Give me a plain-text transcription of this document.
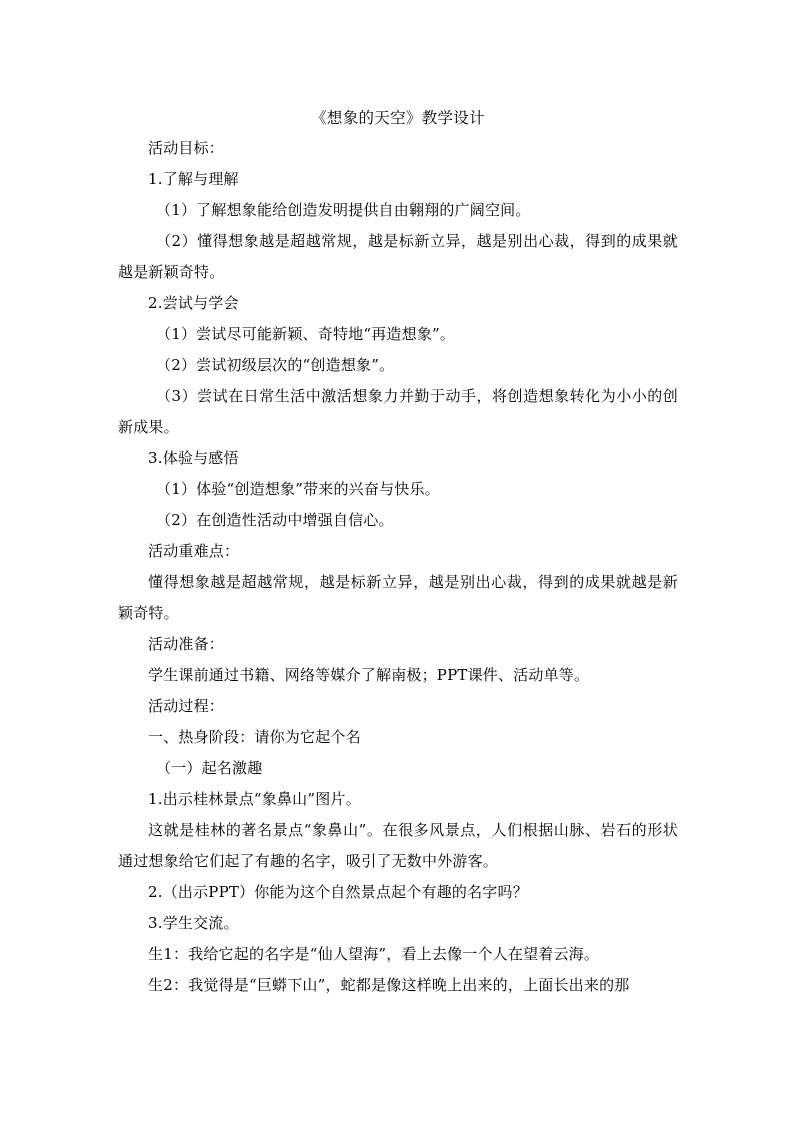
《想象的天空》教学设计

活动目标：

1.了解与理解

（1）了解想象能给创造发明提供自由翱翔的广阔空间。

（2）懂得想象越是超越常规，越是标新立异，越是别出心裁，得到的成果就越是新颖奇特。

2.尝试与学会

（1）尝试尽可能新颖、奇特地“再造想象”。

（2）尝试初级层次的“创造想象”。

（3）尝试在日常生活中激活想象力并勤于动手，将创造想象转化为小小的创新成果。

3.体验与感悟

（1）体验“创造想象”带来的兴奋与快乐。

（2）在创造性活动中增强自信心。

活动重难点：

懂得想象越是超越常规，越是标新立异，越是别出心裁，得到的成果就越是新颖奇特。

活动准备：

学生课前通过书籍、网络等媒介了解南极；PPT课件、活动单等。

活动过程：

一、热身阶段：请你为它起个名

（一）起名激趣

1.出示桂林景点“象鼻山”图片。

这就是桂林的著名景点“象鼻山”。在很多风景点，人们根据山脉、岩石的形状通过想象给它们起了有趣的名字，吸引了无数中外游客。

2.（出示PPT）你能为这个自然景点起个有趣的名字吗？

3.学生交流。

生1：我给它起的名字是“仙人望海”，看上去像一个人在望着云海。

生2：我觉得是“巨蟒下山”，蛇都是像这样晚上出来的，上面长出来的那
